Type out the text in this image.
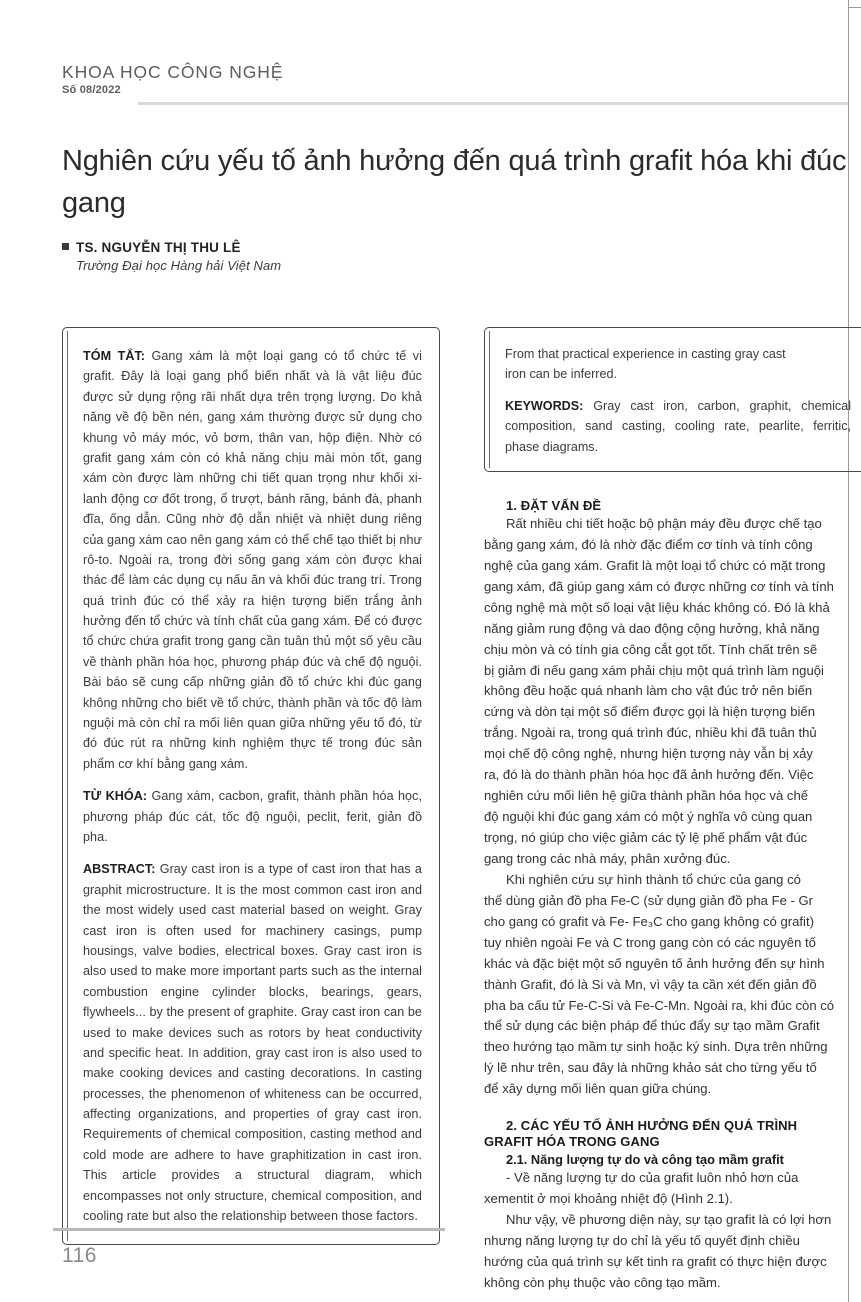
KHOA HỌC CÔNG NGHỆ
Số 08/2022
Nghiên cứu yếu tố ảnh hưởng đến quá trình grafit hóa khi đúc gang
TS. NGUYỄN THỊ THU LÊ
Trường Đại học Hàng hải Việt Nam

TÓM TẮT: Gang xám là một loại gang có tổ chức tế vi grafit. Đây là loại gang phổ biến nhất và là vật liệu đúc được sử dụng rộng rãi nhất dựa trên trọng lượng. Do khả năng về độ bền nén, gang xám thường được sử dụng cho khung vỏ máy móc, vỏ bơm, thân van, hộp điện. Nhờ có grafit gang xám còn có khả năng chịu mài mòn tốt, gang xám còn được làm những chi tiết quan trọng như khối xi-lanh động cơ đốt trong, ổ trượt, bánh răng, bánh đà, phanh đĩa, ống dẫn. Cũng nhờ độ dẫn nhiệt và nhiệt dung riêng của gang xám cao nên gang xám có thể chế tạo thiết bị như rô-to. Ngoài ra, trong đời sống gang xám còn được khai thác để làm các dụng cụ nấu ăn và khối đúc trang trí. Trong quá trình đúc có thể xảy ra hiện tượng biến trắng ảnh hưởng đến tổ chức và tính chất của gang xám. Để có được tổ chức chứa grafit trong gang cần tuân thủ một số yêu cầu về thành phần hóa học, phương pháp đúc và chế độ nguội. Bài báo sẽ cung cấp những giản đồ tổ chức khi đúc gang không những cho biết về tổ chức, thành phần và tốc độ làm nguội mà còn chỉ ra mối liên quan giữa những yếu tố đó, từ đó đúc rút ra những kinh nghiệm thực tế trong đúc sản phẩm cơ khí bằng gang xám.

TỪ KHÓA: Gang xám, cacbon, grafit, thành phần hóa học, phương pháp đúc cát, tốc độ nguội, peclit, ferit, giản đồ pha.

ABSTRACT: Gray cast iron is a type of cast iron that has a graphit microstructure. It is the most common cast iron and the most widely used cast material based on weight. Gray cast iron is often used for machinery casings, pump housings, valve bodies, electrical boxes. Gray cast iron is also used to make more important parts such as the internal combustion engine cylinder blocks, bearings, gears, flywheels... by the present of graphite. Gray cast iron can be used to make devices such as rotors by heat conductivity and specific heat. In addition, gray cast iron is also used to make cooking devices and casting decorations. In casting processes, the phenomenon of whiteness can be occurred, affecting organizations, and properties of gray cast iron. Requirements of chemical composition, casting method and cold mode are adhere to have graphitization in cast iron. This article provides a structural diagram, which encompasses not only structure, chemical composition, and cooling rate but also the relationship between those factors.

From that practical experience in casting gray cast
iron can be inferred.

KEYWORDS: Gray cast iron, carbon, graphit, chemical composition, sand casting, cooling rate, pearlite, ferritic, phase diagrams.

1. ĐẶT VẤN ĐỀ
Rất nhiều chi tiết hoặc bộ phận máy đều được chế tạo
bằng gang xám, đó là nhờ đặc điểm cơ tính và tính công
nghệ của gang xám. Grafit là một loại tổ chức có mặt trong
gang xám, đã giúp gang xám có được những cơ tính và tính
công nghệ mà một số loại vật liệu khác không có. Đó là khả
năng giảm rung động và dao động cộng hưởng, khả năng
chịu mòn và có tính gia công cắt gọt tốt. Tính chất trên sẽ
bị giảm đi nếu gang xám phải chịu một quá trình làm nguội
không đều hoặc quá nhanh làm cho vật đúc trở nên biến
cứng và dòn tại một số điểm được gọi là hiện tượng biến
trắng. Ngoài ra, trong quá trình đúc, nhiều khi đã tuân thủ
mọi chế độ công nghệ, nhưng hiện tượng này vẫn bị xảy
ra, đó là do thành phần hóa học đã ảnh hưởng đến. Việc
nghiên cứu mối liên hệ giữa thành phần hóa học và chế
độ nguội khi đúc gang xám có một ý nghĩa vô cùng quan
trọng, nó giúp cho việc giảm các tỷ lệ phế phẩm vật đúc
gang trong các nhà máy, phân xưởng đúc.
Khi nghiên cứu sự hình thành tổ chức của gang có
thể dùng giản đồ pha Fe-C (sử dụng giản đồ pha Fe - Gr
cho gang có grafit và Fe- Fe₃C cho gang không có grafit)
tuy nhiên ngoài Fe và C trong gang còn có các nguyên tố
khác và đặc biệt một số nguyên tố ảnh hưởng đến sự hình
thành Grafit, đó là Si và Mn, vì vậy ta cần xét đến giản đồ
pha ba cấu tử Fe-C-Si và Fe-C-Mn. Ngoài ra, khi đúc còn có
thể sử dụng các biện pháp để thúc đẩy sự tạo mầm Grafit
theo hướng tạo mầm tự sinh hoặc ký sinh. Dựa trên những
lý lẽ như trên, sau đây là những khảo sát cho từng yếu tố
để xây dựng mối liên quan giữa chúng.
2. CÁC YẾU TỐ ẢNH HƯỞNG ĐẾN QUÁ TRÌNH
GRAFIT HÓA TRONG GANG
2.1. Năng lượng tự do và công tạo mầm grafit
- Về năng lượng tự do của grafit luôn nhỏ hơn của
xementit ở mọi khoảng nhiệt độ (Hình 2.1).
Như vậy, về phương diện này, sự tạo grafit là có lợi hơn
nhưng năng lượng tự do chỉ là yếu tố quyết định chiều
hướng của quá trình sự kết tinh ra grafit có thực hiện được
không còn phụ thuộc vào công tạo mầm.
116
